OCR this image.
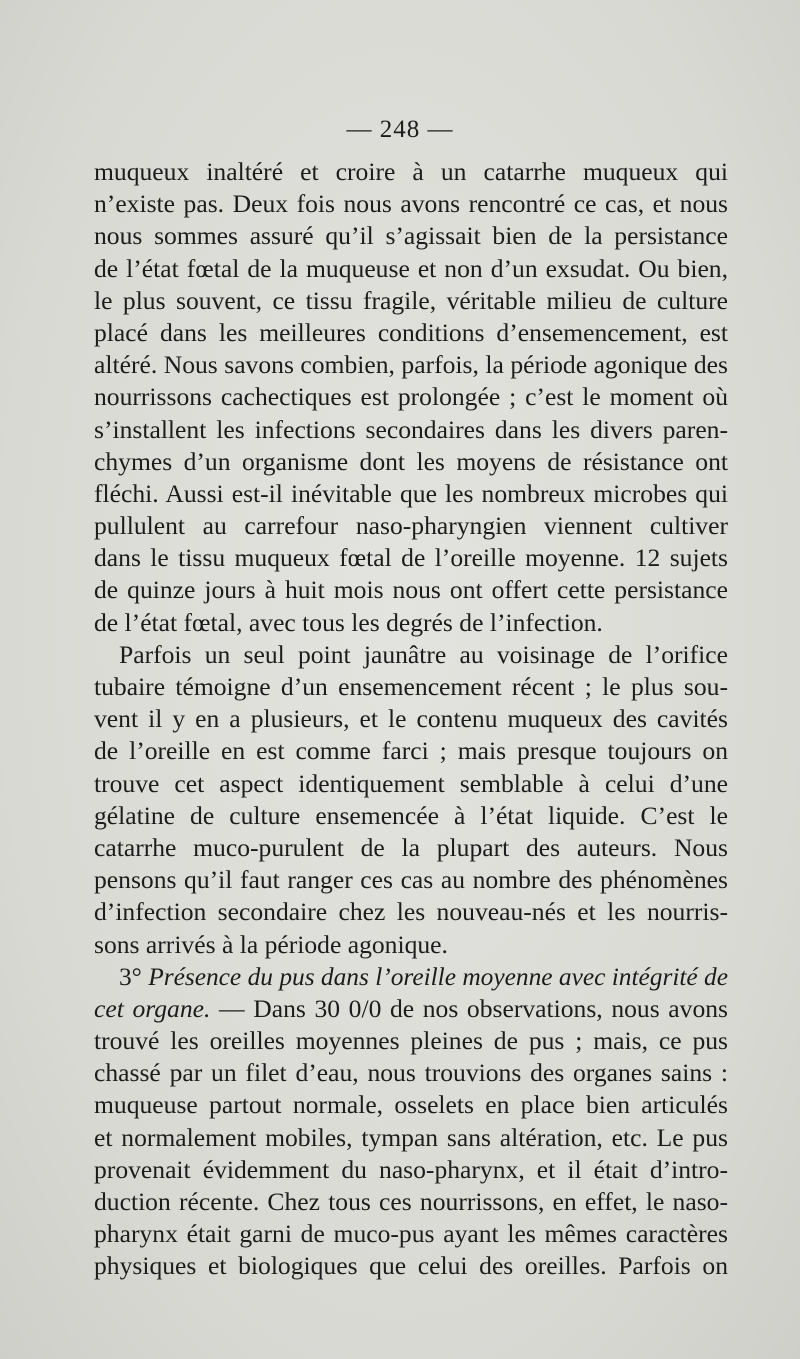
— 248 —
muqueux inaltéré et croire à un catarrhe muqueux qui
n’existe pas. Deux fois nous avons rencontré ce cas, et nous
nous sommes assuré qu’il s’agissait bien de la persistance
de l’état fœtal de la muqueuse et non d’un exsudat. Ou bien,
le plus souvent, ce tissu fragile, véritable milieu de culture
placé dans les meilleures conditions d’ensemencement, est
altéré. Nous savons combien, parfois, la période agonique des
nourrissons cachectiques est prolongée ; c’est le moment où
s’installent les infections secondaires dans les divers paren-
chymes d’un organisme dont les moyens de résistance ont
fléchi. Aussi est-il inévitable que les nombreux microbes qui
pullulent au carrefour naso-pharyngien viennent cultiver
dans le tissu muqueux fœtal de l’oreille moyenne. 12 sujets
de quinze jours à huit mois nous ont offert cette persistance
de l’état fœtal, avec tous les degrés de l’infection.
Parfois un seul point jaunâtre au voisinage de l’orifice
tubaire témoigne d’un ensemencement récent ; le plus sou-
vent il y en a plusieurs, et le contenu muqueux des cavités
de l’oreille en est comme farci ; mais presque toujours on
trouve cet aspect identiquement semblable à celui d’une
gélatine de culture ensemencée à l’état liquide. C’est le
catarrhe muco-purulent de la plupart des auteurs. Nous
pensons qu’il faut ranger ces cas au nombre des phénomènes
d’infection secondaire chez les nouveau-nés et les nourris-
sons arrivés à la période agonique.
3° Présence du pus dans l’oreille moyenne avec intégrité de
cet organe. — Dans 30 0/0 de nos observations, nous avons
trouvé les oreilles moyennes pleines de pus ; mais, ce pus
chassé par un filet d’eau, nous trouvions des organes sains :
muqueuse partout normale, osselets en place bien articulés
et normalement mobiles, tympan sans altération, etc. Le pus
provenait évidemment du naso-pharynx, et il était d’intro-
duction récente. Chez tous ces nourrissons, en effet, le naso-
pharynx était garni de muco-pus ayant les mêmes caractères
physiques et biologiques que celui des oreilles. Parfois on
